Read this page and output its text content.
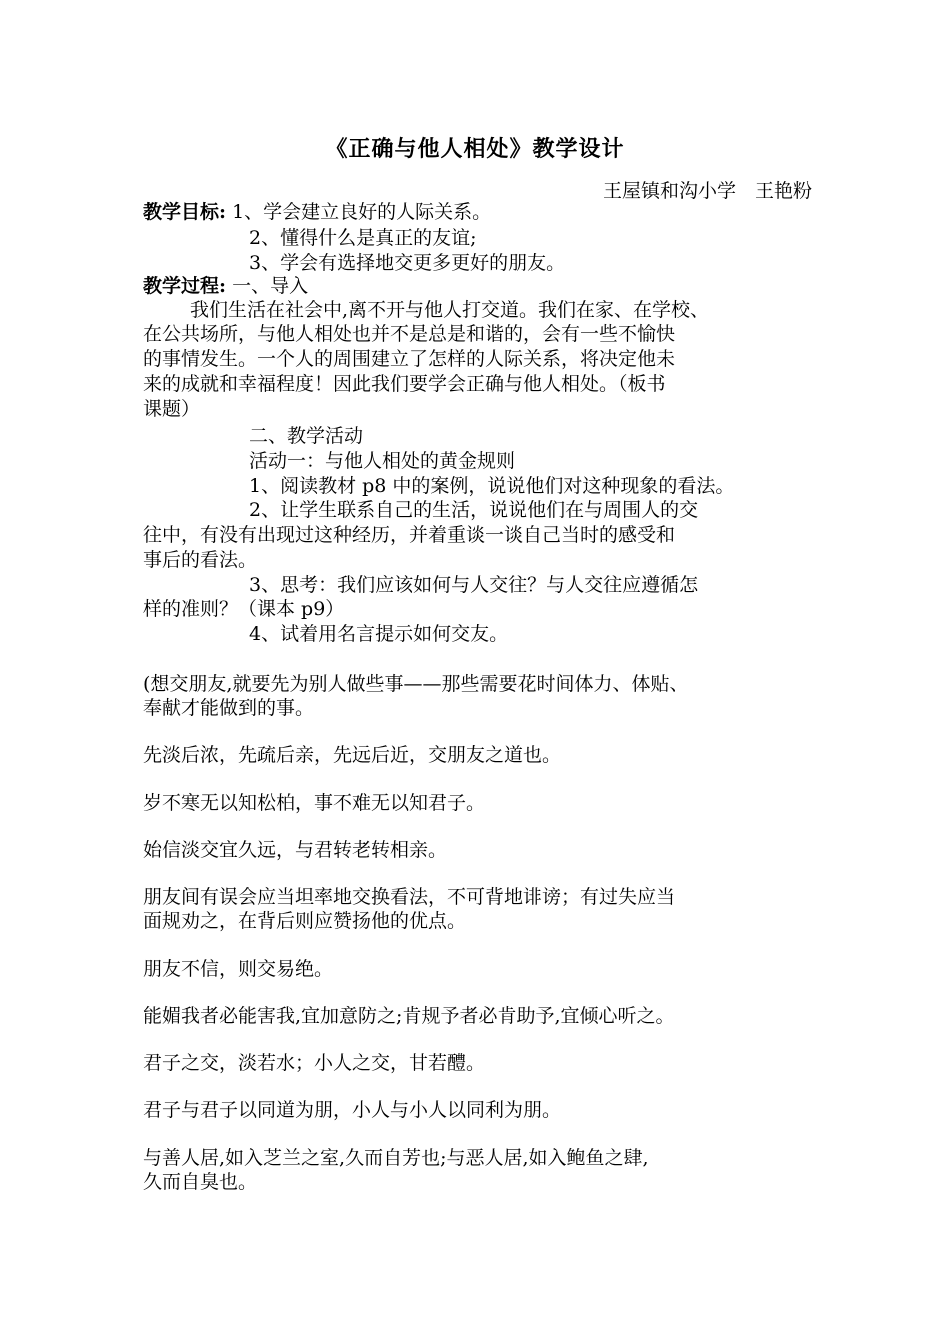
《正确与他人相处》教学设计
王屋镇和沟小学　王艳粉
教学目标: 1、学会建立良好的人际关系。
2、懂得什么是真正的友谊;
3、学会有选择地交更多更好的朋友。
教学过程: 一、导入
我们生活在社会中,离不开与他人打交道。我们在家、在学校、
在公共场所，与他人相处也并不是总是和谐的，会有一些不愉快
的事情发生。一个人的周围建立了怎样的人际关系，将决定他未
来的成就和幸福程度！因此我们要学会正确与他人相处。（板书
课题）
二、教学活动
活动一：与他人相处的黄金规则
1、阅读教材 p8 中的案例，说说他们对这种现象的看法。
2、让学生联系自己的生活，说说他们在与周围人的交
往中，有没有出现过这种经历，并着重谈一谈自己当时的感受和
事后的看法。
3、思考：我们应该如何与人交往？与人交往应遵循怎
样的准则？（课本 p9）
4、试着用名言提示如何交友。
(想交朋友,就要先为别人做些事——那些需要花时间体力、体贴、
奉献才能做到的事。
先淡后浓，先疏后亲，先远后近，交朋友之道也。
岁不寒无以知松柏，事不难无以知君子。
始信淡交宜久远，与君转老转相亲。
朋友间有误会应当坦率地交换看法，不可背地诽谤；有过失应当
面规劝之，在背后则应赞扬他的优点。
朋友不信，则交易绝。
能媚我者必能害我,宜加意防之;肯规予者必肯助予,宜倾心听之。
君子之交，淡若水；小人之交，甘若醴。
君子与君子以同道为朋，小人与小人以同利为朋。
与善人居,如入芝兰之室,久而自芳也;与恶人居,如入鲍鱼之肆,
久而自臭也。
